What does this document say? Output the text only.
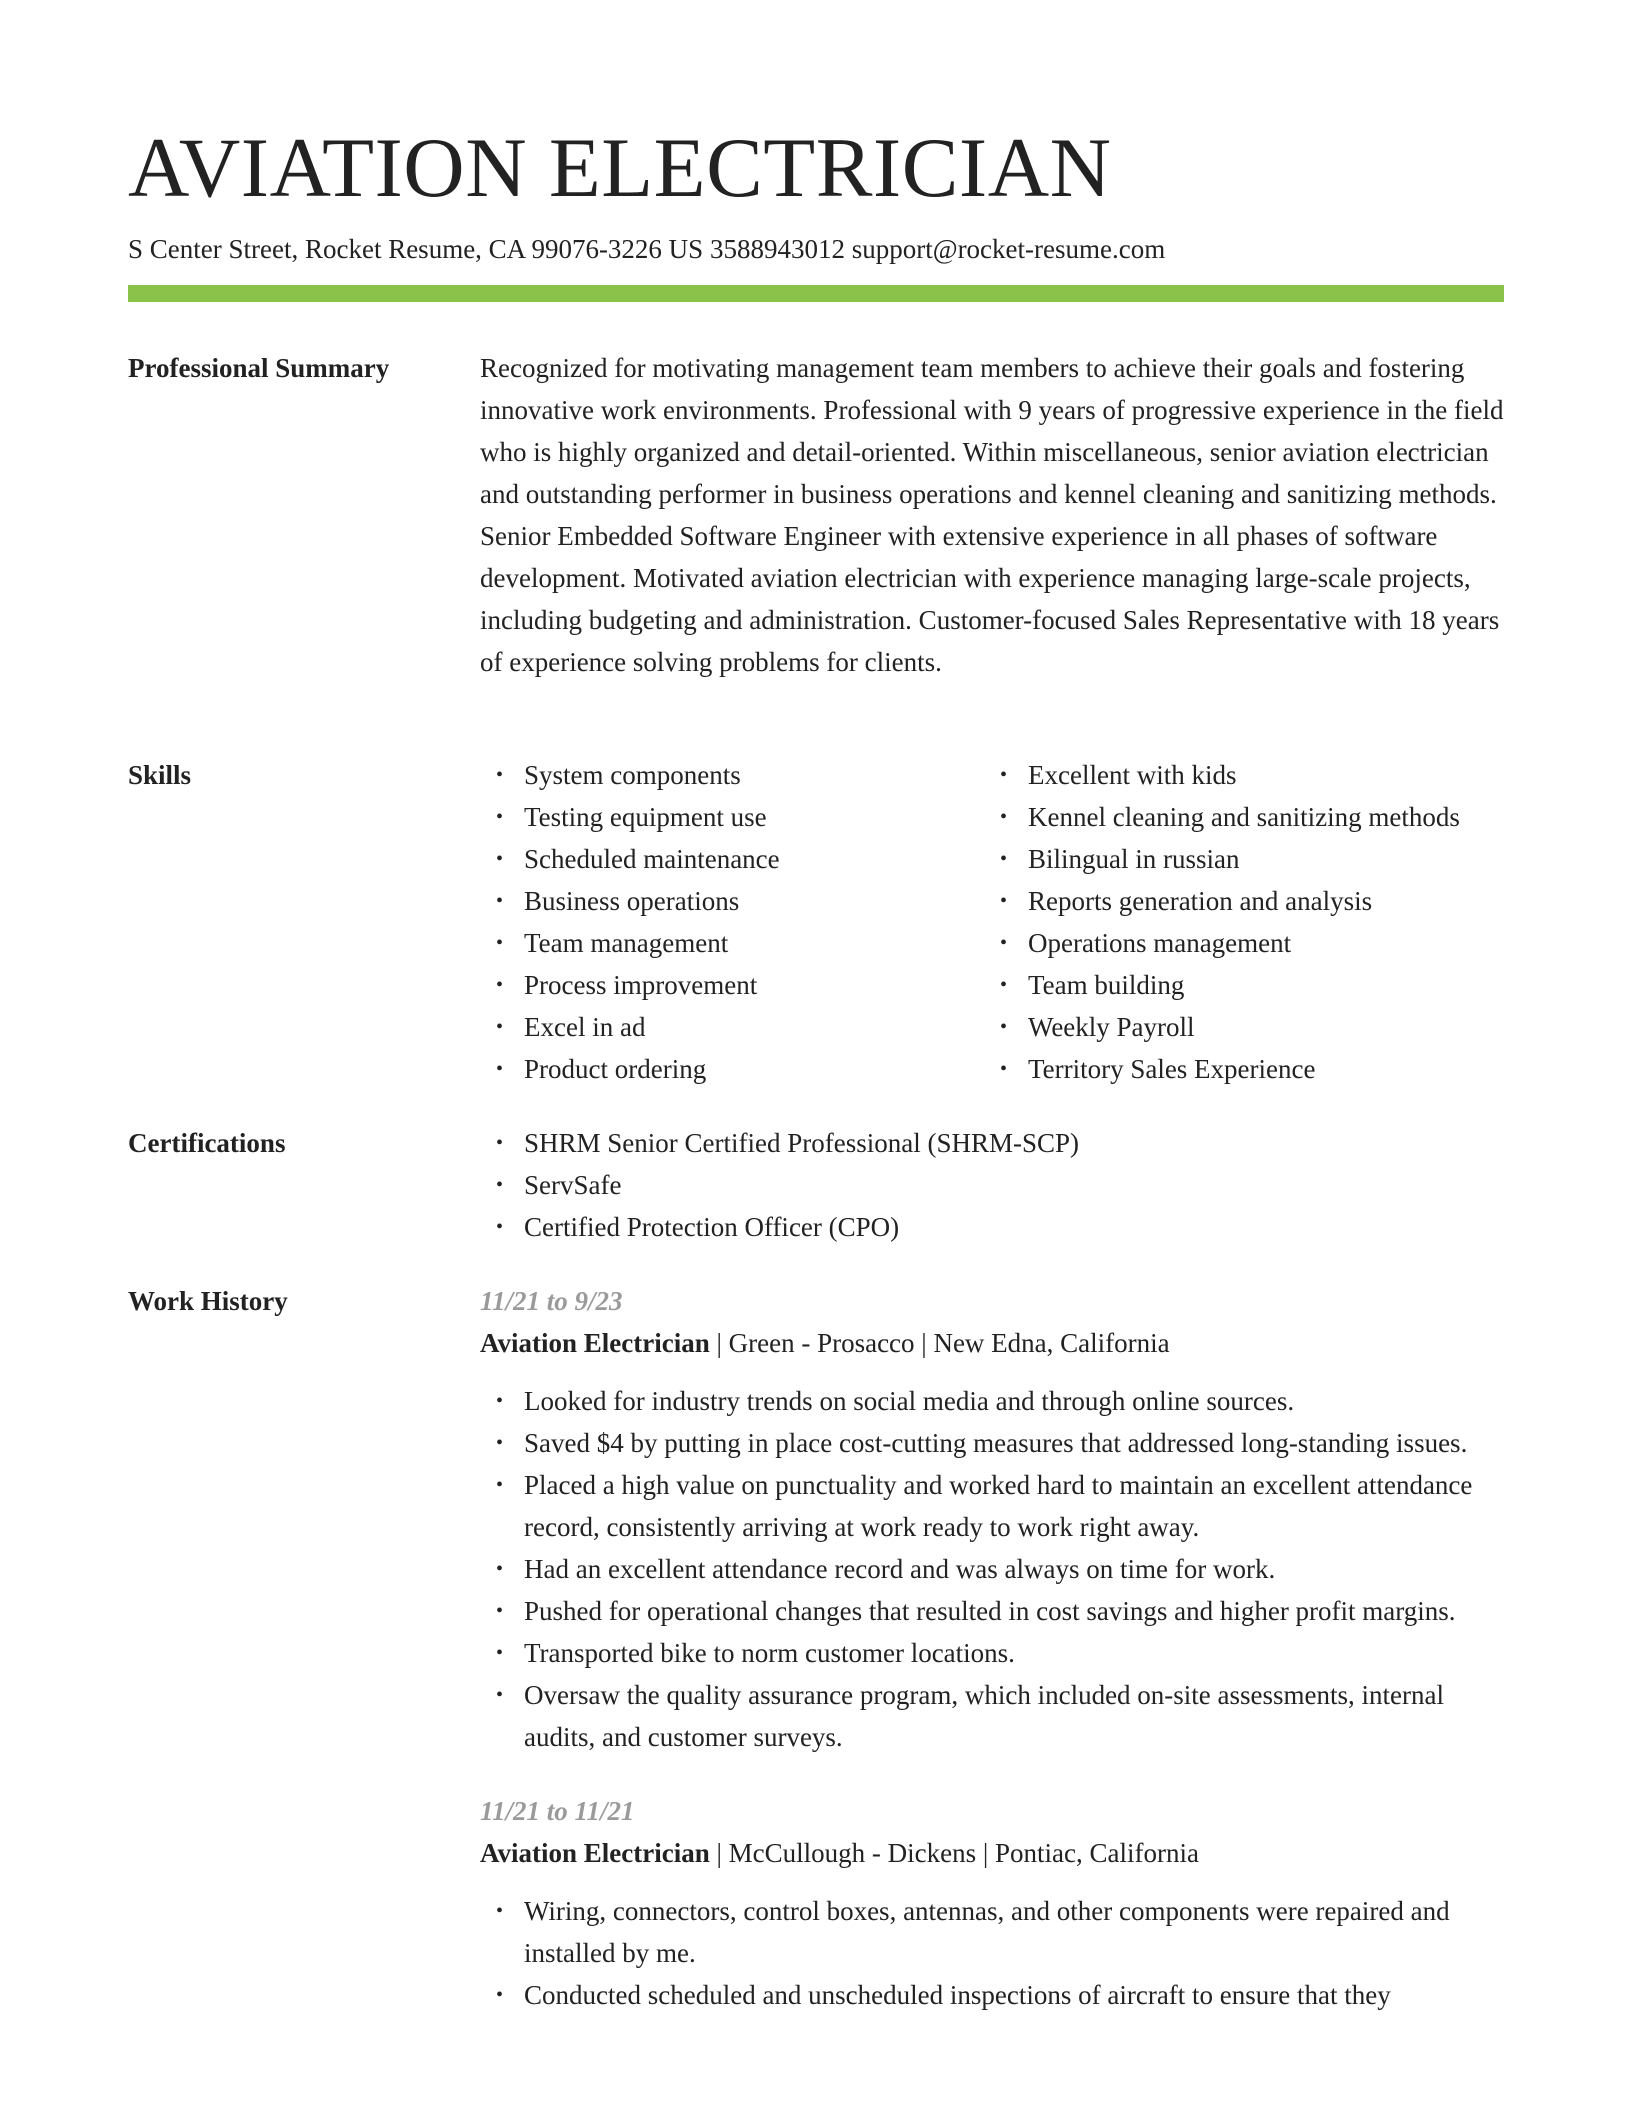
AVIATION ELECTRICIAN
S Center Street, Rocket Resume, CA 99076-3226 US 3588943012 support@rocket-resume.com
Professional Summary	Recognized for motivating management team members to achieve their goals and fostering innovative work environments. Professional with 9 years of progressive experience in the field who is highly organized and detail-oriented. Within miscellaneous, senior aviation electrician and outstanding performer in business operations and kennel cleaning and sanitizing methods. Senior Embedded Software Engineer with extensive experience in all phases of software development. Motivated aviation electrician with experience managing large-scale projects, including budgeting and administration. Customer-focused Sales Representative with 18 years of experience solving problems for clients.

Skills	• System components
• Testing equipment use
• Scheduled maintenance
• Business operations
• Team management
• Process improvement
• Excel in ad
• Product ordering
• Excellent with kids
• Kennel cleaning and sanitizing methods
• Bilingual in russian
• Reports generation and analysis
• Operations management
• Team building
• Weekly Payroll
• Territory Sales Experience
Certifications	• SHRM Senior Certified Professional (SHRM-SCP)
• ServSafe
• Certified Protection Officer (CPO)
Work History	11/21 to 9/23
Aviation Electrician | Green - Prosacco | New Edna, California
• Looked for industry trends on social media and through online sources.
• Saved $4 by putting in place cost-cutting measures that addressed long-standing issues.
• Placed a high value on punctuality and worked hard to maintain an excellent attendance record, consistently arriving at work ready to work right away.
• Had an excellent attendance record and was always on time for work.
• Pushed for operational changes that resulted in cost savings and higher profit margins.
• Transported bike to norm customer locations.
• Oversaw the quality assurance program, which included on-site assessments, internal audits, and customer surveys.
11/21 to 11/21
Aviation Electrician | McCullough - Dickens | Pontiac, California
• Wiring, connectors, control boxes, antennas, and other components were repaired and installed by me.
• Conducted scheduled and unscheduled inspections of aircraft to ensure that they
